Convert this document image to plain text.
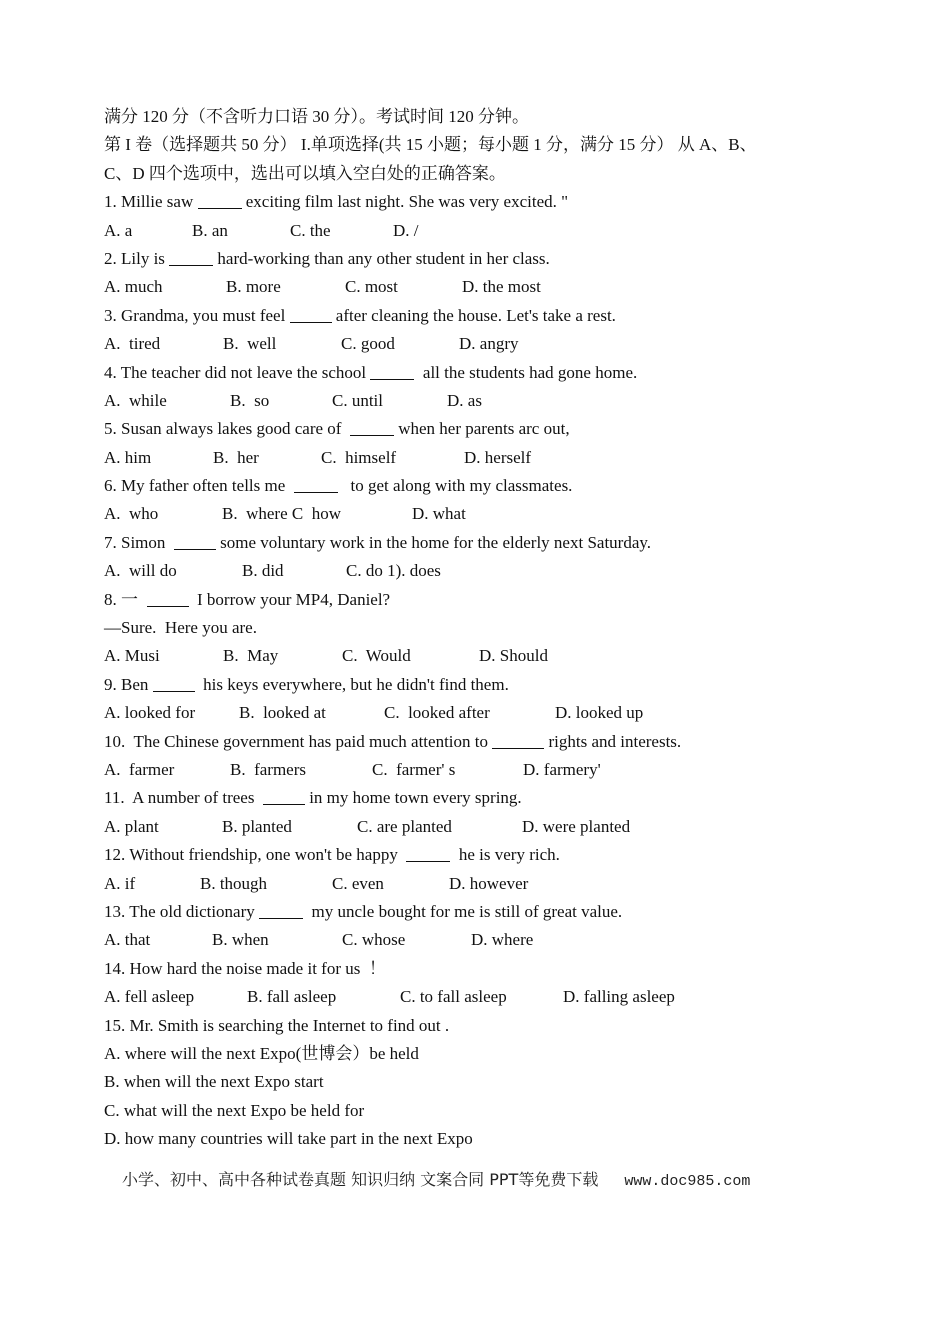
满分 120 分（不含听力口语 30 分）。考试时间 120 分钟。
第 I 卷（选择题共 50 分） I.单项选择(共 15 小题；每小题 1 分，满分 15 分） 从 A、B、
C、D 四个选项中，选出可以填入空白处的正确答案。
1. Millie saw	exciting film last night. She was very excited. "

A. a

	B. an

	C. the

	D. /

2. Lily is	hard-working than any other student in her class.

A. much

	B. more

	C. most

	D. the most

3. Grandma, you must feel  after cleaning the house. Let's take a rest.

A.  tired

	B.  well

	C. good

	D. angry

4. The teacher did not leave the school	all the students had gone home.

A.  while

	B.  so

	C. until

	D. as

5. Susan always lakes good care of	when her parents arc out,

A. him

	B.  her

	C.  himself

	D. herself

6. My father often tells me	to get along with my classmates.

A.  who

	B.  where C  how

	D. what

7. Simon   some voluntary work in the home for the elderly next Saturday.

A.  will do

	B. did

	C. do 1). does

8. 一    I borrow your MP4, Daniel?
—Sure.  Here you are.

A. Musi

	B.  May

	C.  Would

	D. Should

9. Ben   his keys everywhere, but he didn't find them.

A. looked for

	B.  looked at

	C.  looked after

	D. looked up

10.  The Chinese government has paid much attention to	rights and interests.

A.  farmer

	B.  farmers

	C.  farmer' s

	D. farmery'

11.  A number of trees   in my home town every spring.

A. plant

	B. planted

	C. are planted

	D. were planted

12. Without friendship, one won't be happy	he is very rich.

A. if

	B. though

	C. even

	D. however

13. The old dictionary	my uncle bought for me is still of great value.

A. that

	B. when

	C. whose

	D. where

14. How hard the noise made it for us  ！

A. fell asleep

	B. fall asleep

	C. to fall asleep

	D. falling asleep

15. Mr. Smith is searching the Internet to find out .
A. where will the next Expo(世博会）be held
B. when will the next Expo start
C. what will the next Expo be held for
D. how many countries will take part in the next Expo
小学、初中、高中各种试卷真题 知识归纳 文案合同 PPT等免费下载 www.doc985.com
